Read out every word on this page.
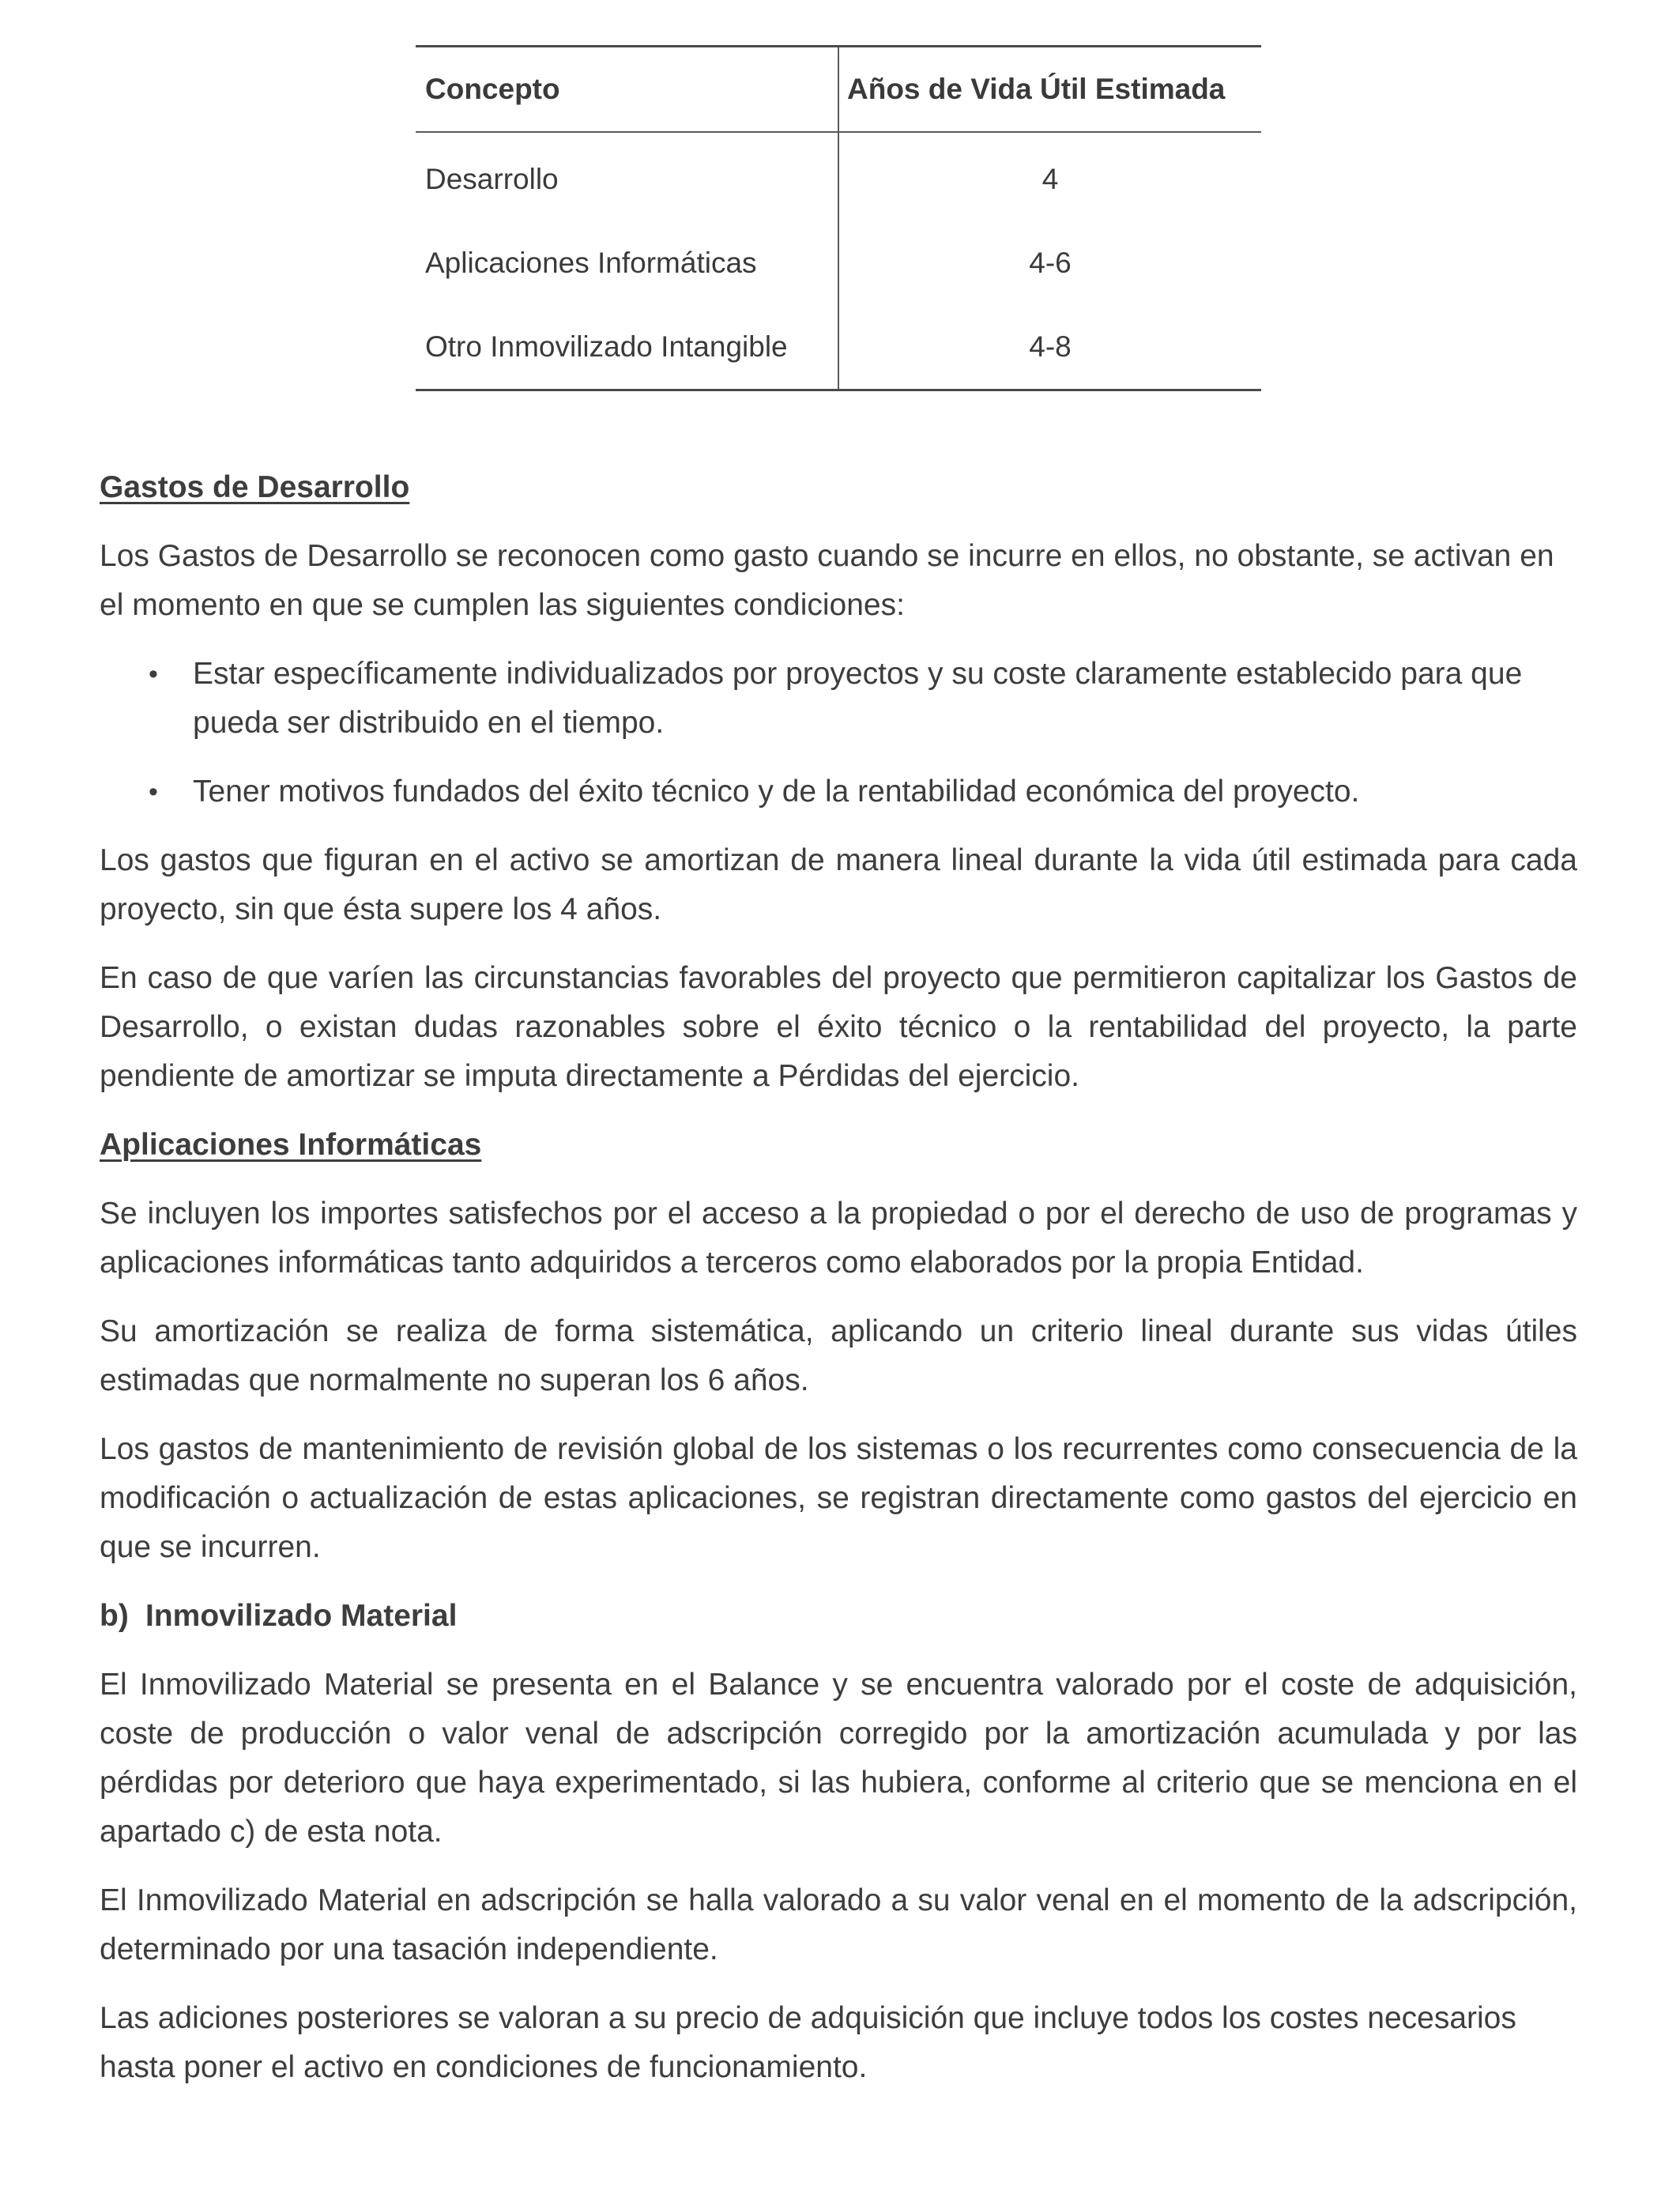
Concepto	Años de Vida Útil Estimada
Desarrollo	4
Aplicaciones Informáticas	4-6
Otro Inmovilizado Intangible	4-8
Gastos de Desarrollo

Los Gastos de Desarrollo se reconocen como gasto cuando se incurre en ellos, no obstante, se activan en el momento en que se cumplen las siguientes condiciones:

• Estar específicamente individualizados por proyectos y su coste claramente establecido para que pueda ser distribuido en el tiempo.
• Tener motivos fundados del éxito técnico y de la rentabilidad económica del proyecto.

Los gastos que figuran en el activo se amortizan de manera lineal durante la vida útil estimada para cada proyecto, sin que ésta supere los 4 años.

En caso de que varíen las circunstancias favorables del proyecto que permitieron capitalizar los Gastos de Desarrollo, o existan dudas razonables sobre el éxito técnico o la rentabilidad del proyecto, la parte pendiente de amortizar se imputa directamente a Pérdidas del ejercicio.

Aplicaciones Informáticas

Se incluyen los importes satisfechos por el acceso a la propiedad o por el derecho de uso de programas y aplicaciones informáticas tanto adquiridos a terceros como elaborados por la propia Entidad.

Su amortización se realiza de forma sistemática, aplicando un criterio lineal durante sus vidas útiles estimadas que normalmente no superan los 6 años.

Los gastos de mantenimiento de revisión global de los sistemas o los recurrentes como consecuencia de la modificación o actualización de estas aplicaciones, se registran directamente como gastos del ejercicio en que se incurren.

b) Inmovilizado Material

El Inmovilizado Material se presenta en el Balance y se encuentra valorado por el coste de adquisición, coste de producción o valor venal de adscripción corregido por la amortización acumulada y por las pérdidas por deterioro que haya experimentado, si las hubiera, conforme al criterio que se menciona en el apartado c) de esta nota.

El Inmovilizado Material en adscripción se halla valorado a su valor venal en el momento de la adscripción, determinado por una tasación independiente.

Las adiciones posteriores se valoran a su precio de adquisición que incluye todos los costes necesarios hasta poner el activo en condiciones de funcionamiento.
